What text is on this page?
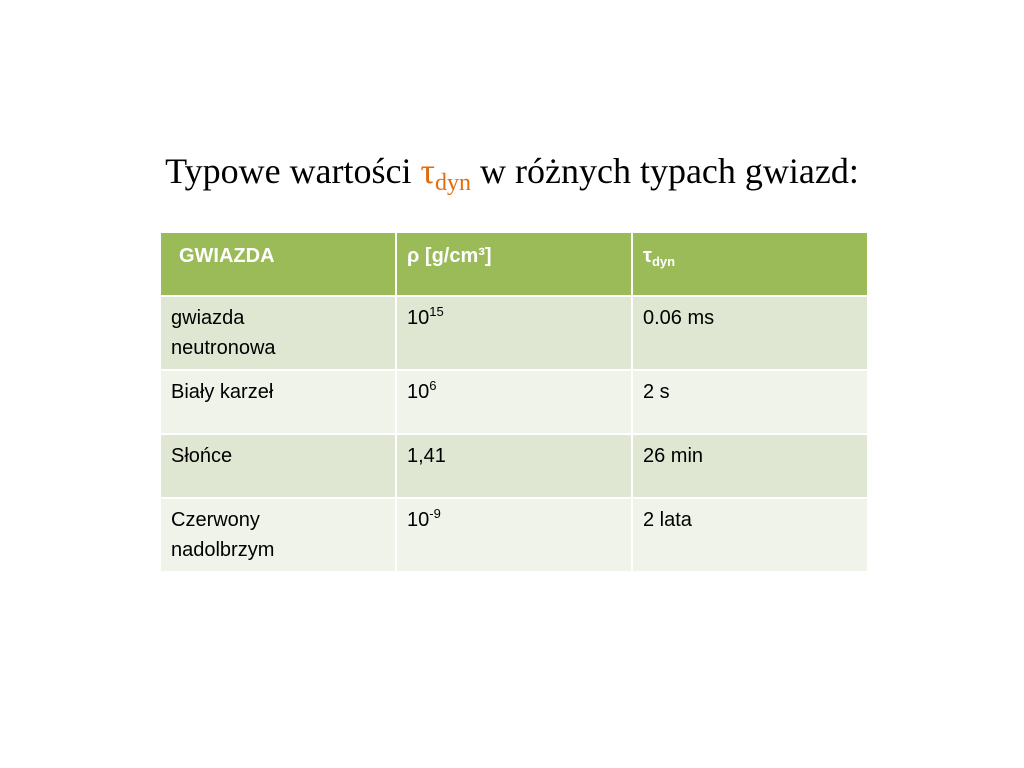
Typowe wartości $\tau_{dyn}$ w różnych typach gwiazd:
GWIAZDA	ρ [g/cm³]	$\tau_{dyn}$
gwiazda
neutronowa	$10^{15}$	0.06 ms
Biały karzeł	$10^6$	2 s
Słońce	1,41	26 min
Czerwony
nadolbrzym	$10^{-9}$	2 lata
